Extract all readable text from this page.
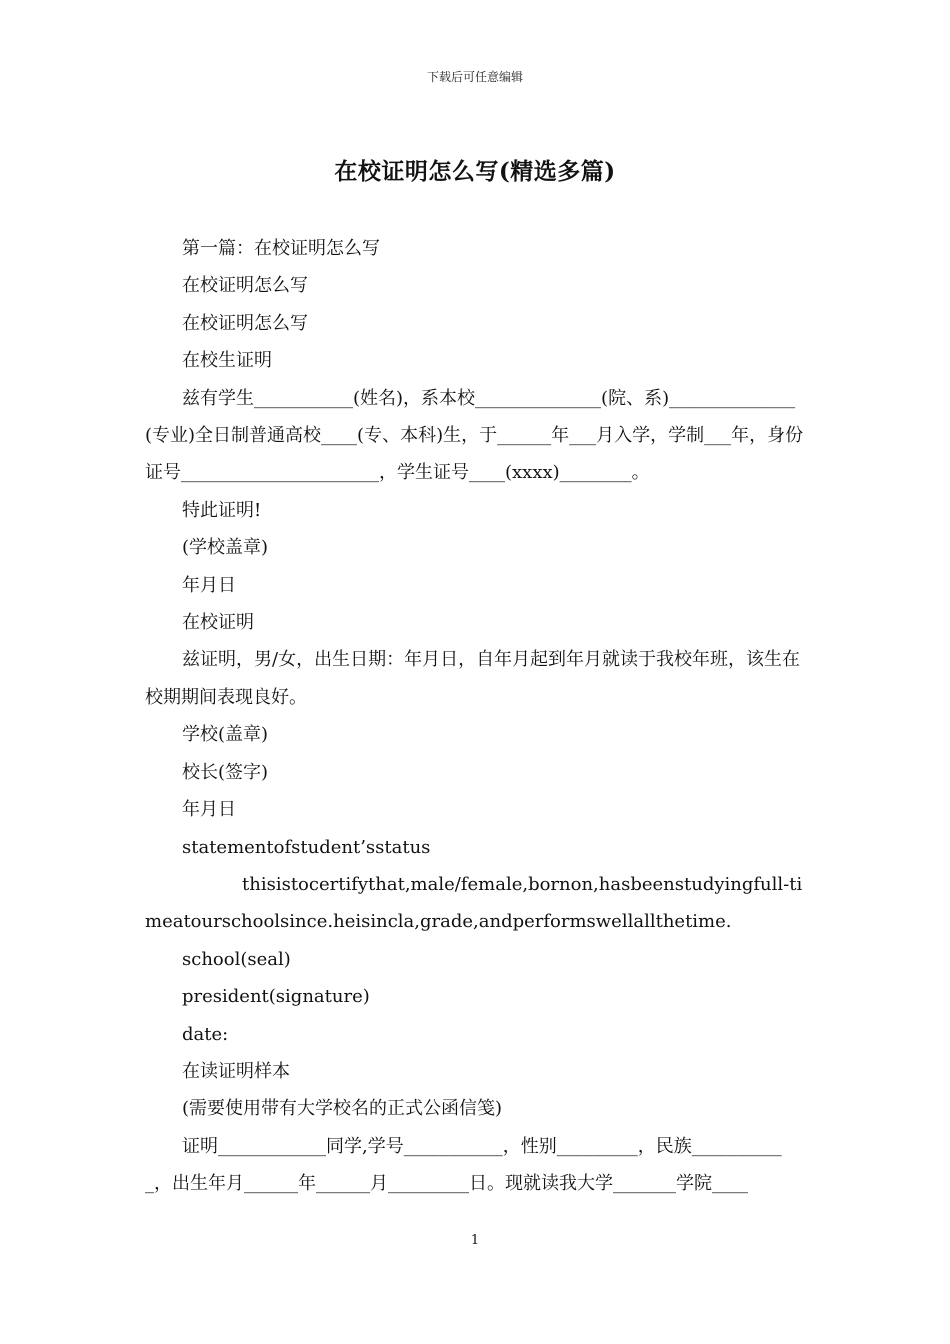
下载后可任意编辑
在校证明怎么写(精选多篇)

第一篇：在校证明怎么写

在校证明怎么写

在校证明怎么写

在校生证明

兹有学生___________(姓名)，系本校______________(院、系)______________(专业)全日制普通高校____(专、本科)生，于______年___月入学，学制___年，身份证号______________________，学生证号____(xxxx)________。

特此证明!

(学校盖章)

年月日

在校证明

兹证明，男/女，出生日期：年月日，自年月起到年月就读于我校年班，该生在校期期间表现良好。

学校(盖章)

校长(签字)

年月日

statementofstudent’sstatus

thisistocertifythat,male/female,bornon,hasbeenstudyingfull-timeatourschoolsince.heisincla,grade,andperformswellallthetime.

school(seal)

president(signature)

date:

在读证明样本

(需要使用带有大学校名的正式公函信笺)

证明____________同学,学号___________，性别_________，民族___________，出生年月______年______月_________日。现就读我大学_______学院____

1
